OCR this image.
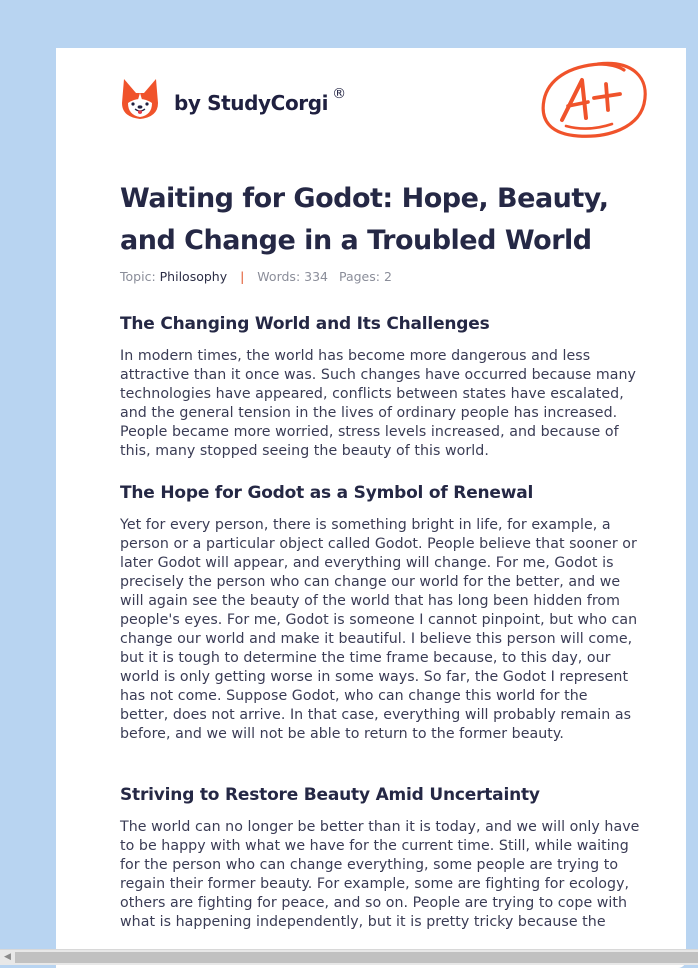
by StudyCorgi ®
Waiting for Godot: Hope, Beauty, and Change in a Troubled World
Topic: Philosophy | Words: 334 Pages: 2
The Changing World and Its Challenges

In modern times, the world has become more dangerous and less attractive than it once was. Such changes have occurred because many technologies have appeared, conflicts between states have escalated, and the general tension in the lives of ordinary people has increased. People became more worried, stress levels increased, and because of this, many stopped seeing the beauty of this world.

The Hope for Godot as a Symbol of Renewal

Yet for every person, there is something bright in life, for example, a person or a particular object called Godot. People believe that sooner or later Godot will appear, and everything will change. For me, Godot is precisely the person who can change our world for the better, and we will again see the beauty of the world that has long been hidden from people's eyes. For me, Godot is someone I cannot pinpoint, but who can change our world and make it beautiful. I believe this person will come, but it is tough to determine the time frame because, to this day, our world is only getting worse in some ways. So far, the Godot I represent has not come. Suppose Godot, who can change this world for the better, does not arrive. In that case, everything will probably remain as before, and we will not be able to return to the former beauty.

Striving to Restore Beauty Amid Uncertainty

The world can no longer be better than it is today, and we will only have to be happy with what we have for the current time. Still, while waiting for the person who can change everything, some people are trying to regain their former beauty. For example, some are fighting for ecology, others are fighting for peace, and so on. People are trying to cope with what is happening independently, but it is pretty tricky because the

◀
